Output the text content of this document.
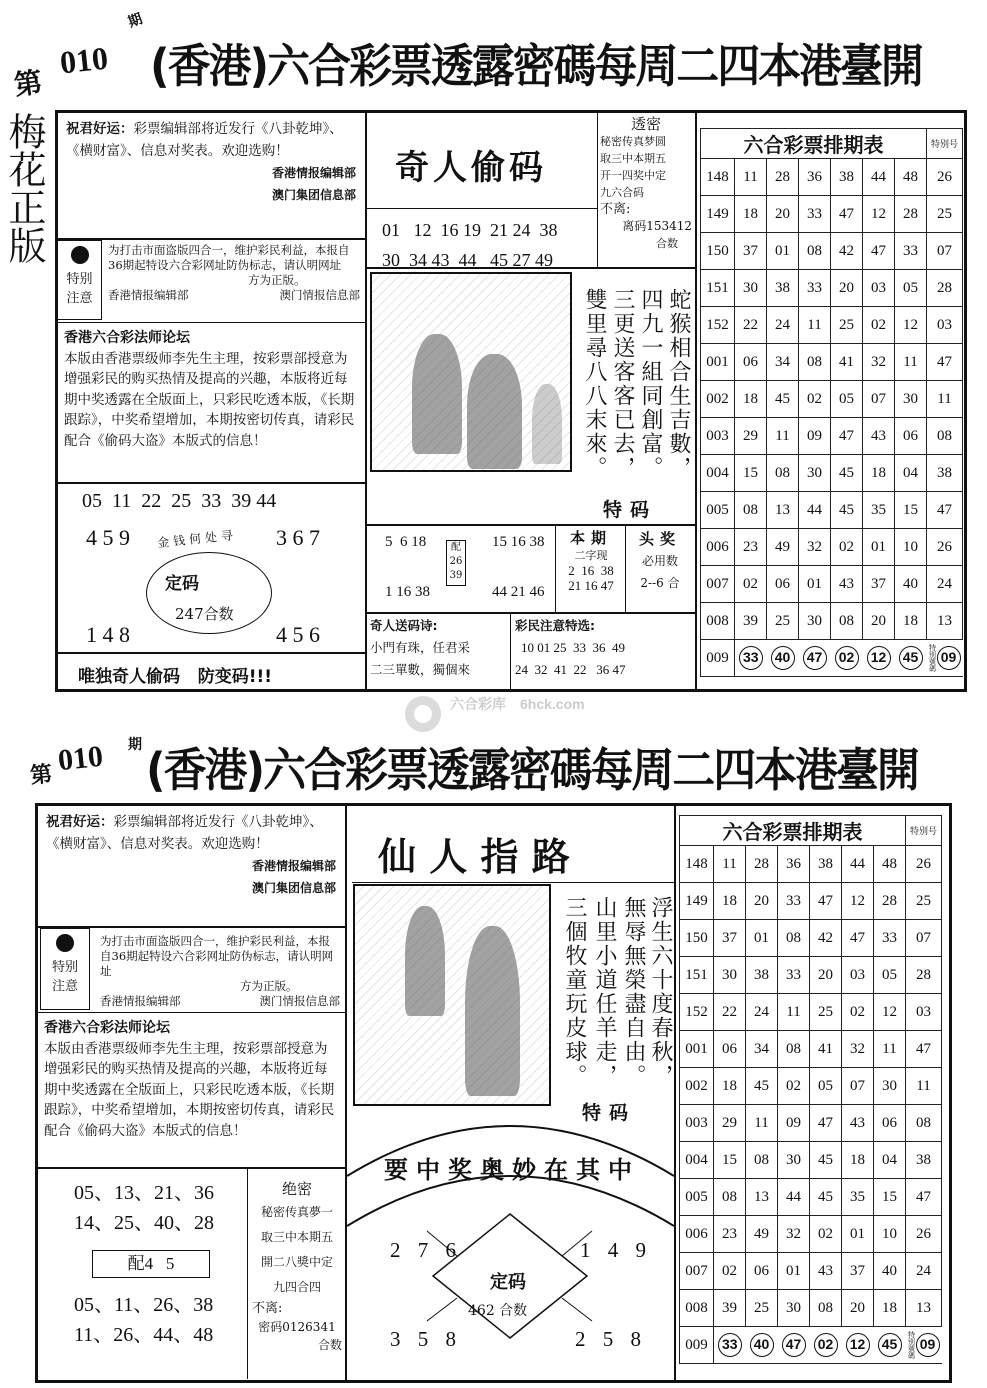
第
010
期
(香港)六合彩票透露密碼每周二四本港臺開
梅花正版 祝君好运：彩票编辑部将近发行《八卦乾坤》、《横财富》、信息对奖表。欢迎选购！
香港情报编辑部
澳门集团信息部
特别
注意
为打击市面盗版四合一，维护彩民利益，本报自36期起特设六合彩网址防伪标志，请认明网址
方为正版。
香港情报编辑部	澳门情报信息部
香港六合彩法师论坛
本版由香港票级师李先生主理，按彩票部授意为增强彩民的购买热情及提高的兴趣，本版将近每期中奖透露在全版面上，只彩民吃透本版，《长期跟踪》，中奖希望增加，本期按密切传真，请彩民配合《偷码大盗》本版式的信息！
05  11  22  25  33  39 44
4 5 9	3 6 7
1 4 8	4 5 6
金钱何处寻
定码
247合数
唯独奇人偷码   防变码!!!
奇人偷码
01   12  16 19  21 24  38
30  34 43  44   45 27 49
透密
秘密传真梦圆
取三中本期五
开一四奖中定
九六合码
不离:
离码153412
合数
雙里尋八八末來。 三更送客客已去， 四九一組同創富。 蛇猴相合生吉數，
特码
5  6 18
1 16 38
配
26
39
15 16 38
44 21 46
本期
二字现
2  16  38
21 16 47
头奖
必用数
2--6 合
奇人送码诗:
小門有珠，任君采
二三單數，獨個來
彩民注意特选:
10 01 25  33  36  49
24  32  41  22   36 47
六合彩票排期表							特别号
148	11	28	36	38	44	48	26
149	18	20	33	47	12	28	25
150	37	01	08	42	47	33	07
151	30	38	33	20	03	05	28
152	22	24	11	25	02	12	03
001	06	34	08	41	32	11	47
002	18	45	02	05	07	30	11
003	29	11	09	47	43	06	08
004	15	08	30	45	18	04	38
005	08	13	44	45	35	15	47
006	23	49	32	02	01	10	26
007	02	06	01	43	37	40	24
008	39	25	30	08	20	18	13
009	33	40	47	02	12	45	特别號碼 09
六合彩库 6hck.com
第 010 期 (香港)六合彩票透露密碼每周二四本港臺開
祝君好运：彩票编辑部将近发行《八卦乾坤》、《横财富》、信息对奖表。欢迎选购！
香港情报编辑部
澳门集团信息部
特别
注意
为打击市面盗版四合一，维护彩民利益，本报自36期起特设六合彩网址防伪标志，请认明网址
方为正版。
香港情报编辑部	澳门情报信息部
香港六合彩法师论坛
本版由香港票级师李先生主理，按彩票部授意为增强彩民的购买热情及提高的兴趣，本版将近每期中奖透露在全版面上，只彩民吃透本版，《长期跟踪》，中奖希望增加，本期按密切传真，请彩民配合《偷码大盗》本版式的信息！
05、13、21、36
14、25、40、28
配4   5
05、11、26、38
11、26、44、48
绝密
秘密传真夢一
取三中本期五
開二八獎中定
九四合四
不离:
密码0126341
合数
仙 人 指 路
三個牧童玩皮球。 山里小道任羊走， 無辱無榮盡自由。 浮生六十度春秋，
特码
要中奖奥妙在其中
2 7 6	1 4 9
3 5 8	2 5 8
定码
462 合数
六合彩票排期表							特别号
148	11	28	36	38	44	48	26
149	18	20	33	47	12	28	25
150	37	01	08	42	47	33	07
151	30	38	33	20	03	05	28
152	22	24	11	25	02	12	03
001	06	34	08	41	32	11	47
002	18	45	02	05	07	30	11
003	29	11	09	47	43	06	08
004	15	08	30	45	18	04	38
005	08	13	44	45	35	15	47
006	23	49	32	02	01	10	26
007	02	06	01	43	37	40	24
008	39	25	30	08	20	18	13
009	33	40	47	02	12	45	特别號碼 09
